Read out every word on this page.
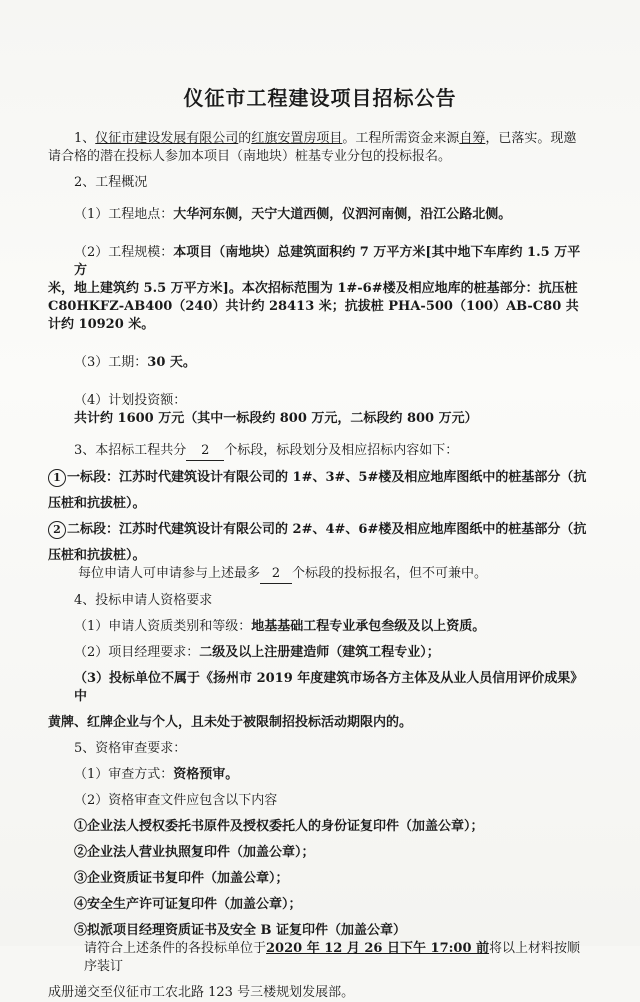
仪征市工程建设项目招标公告

1、仪征市建设发展有限公司的红旗安置房项目。工程所需资金来源自筹，已落实。现邀

请合格的潜在投标人参加本项目（南地块）桩基专业分包的投标报名。

2、工程概况

（1）工程地点：大华河东侧，天宁大道西侧，仪泗河南侧，沿江公路北侧。

（2）工程规模：本项目（南地块）总建筑面积约 7 万平方米[其中地下车库约 1.5 万平方

米，地上建筑约 5.5 万平方米]。本次招标范围为 1#-6#楼及相应地库的桩基部分：抗压桩

C80HKFZ-AB400（240）共计约 28413 米；抗拔桩 PHA-500（100）AB-C80 共计约 10920 米。

（3）工期：30 天。

（4）计划投资额：共计约 1600 万元（其中一标段约 800 万元，二标段约 800 万元）

3、本招标工程共分 2 个标段，标段划分及相应招标内容如下：

1 一标段：江苏时代建筑设计有限公司的 1#、3#、5#楼及相应地库图纸中的桩基部分（抗

压桩和抗拔桩）。

2 二标段：江苏时代建筑设计有限公司的 2#、4#、6#楼及相应地库图纸中的桩基部分（抗

压桩和抗拔桩）。

每位申请人可申请参与上述最多 2 个标段的投标报名，但不可兼中。

4、投标申请人资格要求

（1）申请人资质类别和等级：地基基础工程专业承包叁级及以上资质。

（2）项目经理要求：二级及以上注册建造师（建筑工程专业）；

（3）投标单位不属于《扬州市 2019 年度建筑市场各方主体及从业人员信用评价成果》中

黄牌、红牌企业与个人，且未处于被限制招投标活动期限内的。

5、资格审查要求：

（1）审查方式：资格预审。

（2）资格审查文件应包含以下内容

①企业法人授权委托书原件及授权委托人的身份证复印件（加盖公章）；

②企业法人营业执照复印件（加盖公章）；

③企业资质证书复印件（加盖公章）；

④安全生产许可证复印件（加盖公章）；

⑤拟派项目经理资质证书及安全 B 证复印件（加盖公章）

请符合上述条件的各投标单位于2020 年 12 月 26 日下午 17:00 前将以上材料按顺序装订

成册递交至仪征市工农北路 123 号三楼规划发展部。
